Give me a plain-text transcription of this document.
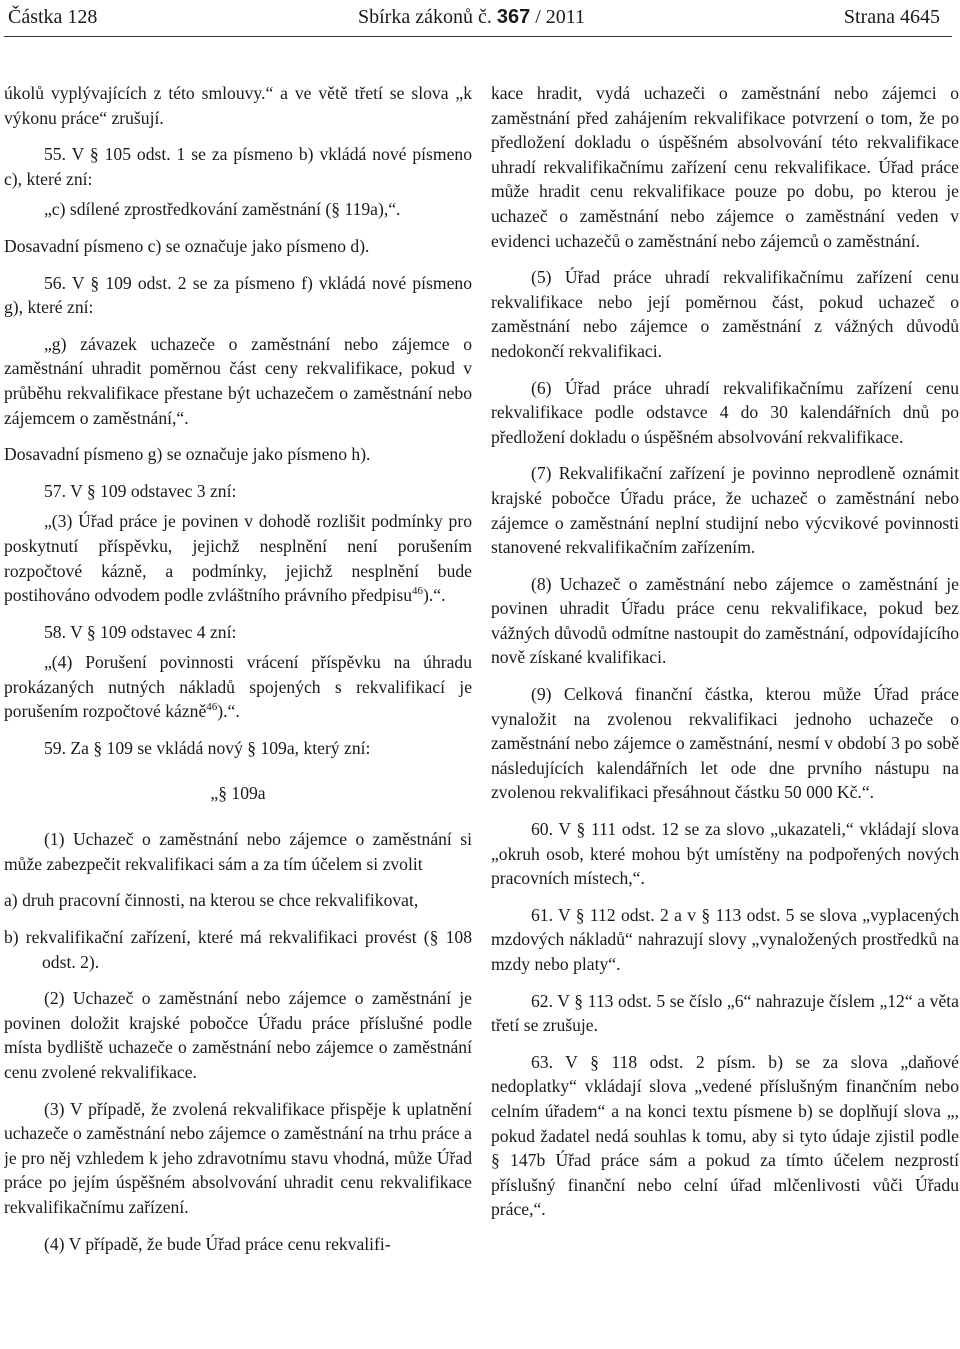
Částka 128	Sbírka zákonů č. 367 / 2011	Strana 4645

úkolů vyplývajících z této smlouvy.“ a ve větě třetí se slova „k výkonu práce“ zrušují.

55. V § 105 odst. 1 se za písmeno b) vkládá nové písmeno c), které zní:

„c) sdílené zprostředkování zaměstnání (§ 119a),“.

Dosavadní písmeno c) se označuje jako písmeno d).

56. V § 109 odst. 2 se za písmeno f) vkládá nové písmeno g), které zní:

„g) závazek uchazeče o zaměstnání nebo zájemce o zaměstnání uhradit poměrnou část ceny rekvalifikace, pokud v průběhu rekvalifikace přestane být uchazečem o zaměstnání nebo zájemcem o zaměstnání,“.

Dosavadní písmeno g) se označuje jako písmeno h).

57. V § 109 odstavec 3 zní:

„(3) Úřad práce je povinen v dohodě rozlišit podmínky pro poskytnutí příspěvku, jejichž nesplnění není porušením rozpočtové kázně, a podmínky, jejichž nesplnění bude postihováno odvodem podle zvláštního právního předpisu$^{46}$).“.

58. V § 109 odstavec 4 zní:

„(4) Porušení povinnosti vrácení příspěvku na úhradu prokázaných nutných nákladů spojených s rekvalifikací je porušením rozpočtové kázně$^{46}$).“.

59. Za § 109 se vkládá nový § 109a, který zní:

„§ 109a

(1) Uchazeč o zaměstnání nebo zájemce o zaměstnání si může zabezpečit rekvalifikaci sám a za tím účelem si zvolit

a) druh pracovní činnosti, na kterou se chce rekvalifikovat,

b) rekvalifikační zařízení, které má rekvalifikaci provést (§ 108 odst. 2).

(2) Uchazeč o zaměstnání nebo zájemce o zaměstnání je povinen doložit krajské pobočce Úřadu práce příslušné podle místa bydliště uchazeče o zaměstnání nebo zájemce o zaměstnání cenu zvolené rekvalifikace.

(3) V případě, že zvolená rekvalifikace přispěje k uplatnění uchazeče o zaměstnání nebo zájemce o zaměstnání na trhu práce a je pro něj vzhledem k jeho zdravotnímu stavu vhodná, může Úřad práce po jejím úspěšném absolvování uhradit cenu rekvalifikace rekvalifikačnímu zařízení.

(4) V případě, že bude Úřad práce cenu rekvalifi-

kace hradit, vydá uchazeči o zaměstnání nebo zájemci o zaměstnání před zahájením rekvalifikace potvrzení o tom, že po předložení dokladu o úspěšném absolvování této rekvalifikace uhradí rekvalifikačnímu zařízení cenu rekvalifikace. Úřad práce může hradit cenu rekvalifikace pouze po dobu, po kterou je uchazeč o zaměstnání nebo zájemce o zaměstnání veden v evidenci uchazečů o zaměstnání nebo zájemců o zaměstnání.

(5) Úřad práce uhradí rekvalifikačnímu zařízení cenu rekvalifikace nebo její poměrnou část, pokud uchazeč o zaměstnání nebo zájemce o zaměstnání z vážných důvodů nedokončí rekvalifikaci.

(6) Úřad práce uhradí rekvalifikačnímu zařízení cenu rekvalifikace podle odstavce 4 do 30 kalendářních dnů po předložení dokladu o úspěšném absolvování rekvalifikace.

(7) Rekvalifikační zařízení je povinno neprodleně oznámit krajské pobočce Úřadu práce, že uchazeč o zaměstnání nebo zájemce o zaměstnání neplní studijní nebo výcvikové povinnosti stanovené rekvalifikačním zařízením.

(8) Uchazeč o zaměstnání nebo zájemce o zaměstnání je povinen uhradit Úřadu práce cenu rekvalifikace, pokud bez vážných důvodů odmítne nastoupit do zaměstnání, odpovídajícího nově získané kvalifikaci.

(9) Celková finanční částka, kterou může Úřad práce vynaložit na zvolenou rekvalifikaci jednoho uchazeče o zaměstnání nebo zájemce o zaměstnání, nesmí v období 3 po sobě následujících kalendářních let ode dne prvního nástupu na zvolenou rekvalifikaci přesáhnout částku 50 000 Kč.“.

60. V § 111 odst. 12 se za slovo „ukazateli,“ vkládají slova „okruh osob, které mohou být umístěny na podpořených nových pracovních místech,“.

61. V § 112 odst. 2 a v § 113 odst. 5 se slova „vyplacených mzdových nákladů“ nahrazují slovy „vynaložených prostředků na mzdy nebo platy“.

62. V § 113 odst. 5 se číslo „6“ nahrazuje číslem „12“ a věta třetí se zrušuje.

63. V § 118 odst. 2 písm. b) se za slova „daňové nedoplatky“ vkládají slova „vedené příslušným finančním nebo celním úřadem“ a na konci textu písmene b) se doplňují slova „, pokud žadatel nedá souhlas k tomu, aby si tyto údaje zjistil podle § 147b Úřad práce sám a pokud za tímto účelem nezprostí příslušný finanční nebo celní úřad mlčenlivosti vůči Úřadu práce,“.
